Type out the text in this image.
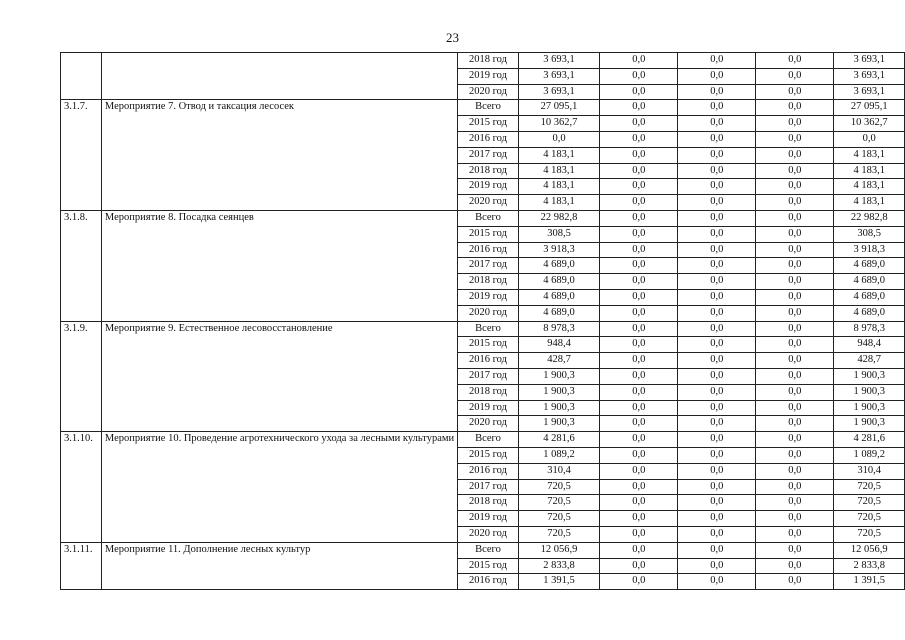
23
		2018 год	3 693,1	0,0	0,0	0,0	3 693,1
		2019 год	3 693,1	0,0	0,0	0,0	3 693,1
		2020 год	3 693,1	0,0	0,0	0,0	3 693,1
3.1.7.	Мероприятие 7. Отвод и таксация лесосек	Всего	27 095,1	0,0	0,0	0,0	27 095,1
		2015 год	10 362,7	0,0	0,0	0,0	10 362,7
		2016 год	0,0	0,0	0,0	0,0	0,0
		2017 год	4 183,1	0,0	0,0	0,0	4 183,1
		2018 год	4 183,1	0,0	0,0	0,0	4 183,1
		2019 год	4 183,1	0,0	0,0	0,0	4 183,1
		2020 год	4 183,1	0,0	0,0	0,0	4 183,1
3.1.8.	Мероприятие 8. Посадка сеянцев	Всего	22 982,8	0,0	0,0	0,0	22 982,8
		2015 год	308,5	0,0	0,0	0,0	308,5
		2016 год	3 918,3	0,0	0,0	0,0	3 918,3
		2017 год	4 689,0	0,0	0,0	0,0	4 689,0
		2018 год	4 689,0	0,0	0,0	0,0	4 689,0
		2019 год	4 689,0	0,0	0,0	0,0	4 689,0
		2020 год	4 689,0	0,0	0,0	0,0	4 689,0
3.1.9.	Мероприятие 9. Естественное лесовосстановление	Всего	8 978,3	0,0	0,0	0,0	8 978,3
		2015 год	948,4	0,0	0,0	0,0	948,4
		2016 год	428,7	0,0	0,0	0,0	428,7
		2017 год	1 900,3	0,0	0,0	0,0	1 900,3
		2018 год	1 900,3	0,0	0,0	0,0	1 900,3
		2019 год	1 900,3	0,0	0,0	0,0	1 900,3
		2020 год	1 900,3	0,0	0,0	0,0	1 900,3
3.1.10.	Мероприятие 10. Проведение агротехнического ухода за лесными культурами	Всего	4 281,6	0,0	0,0	0,0	4 281,6
		2015 год	1 089,2	0,0	0,0	0,0	1 089,2
		2016 год	310,4	0,0	0,0	0,0	310,4
		2017 год	720,5	0,0	0,0	0,0	720,5
		2018 год	720,5	0,0	0,0	0,0	720,5
		2019 год	720,5	0,0	0,0	0,0	720,5
		2020 год	720,5	0,0	0,0	0,0	720,5
3.1.11.	Мероприятие 11. Дополнение лесных культур	Всего	12 056,9	0,0	0,0	0,0	12 056,9
		2015 год	2 833,8	0,0	0,0	0,0	2 833,8
		2016 год	1 391,5	0,0	0,0	0,0	1 391,5
